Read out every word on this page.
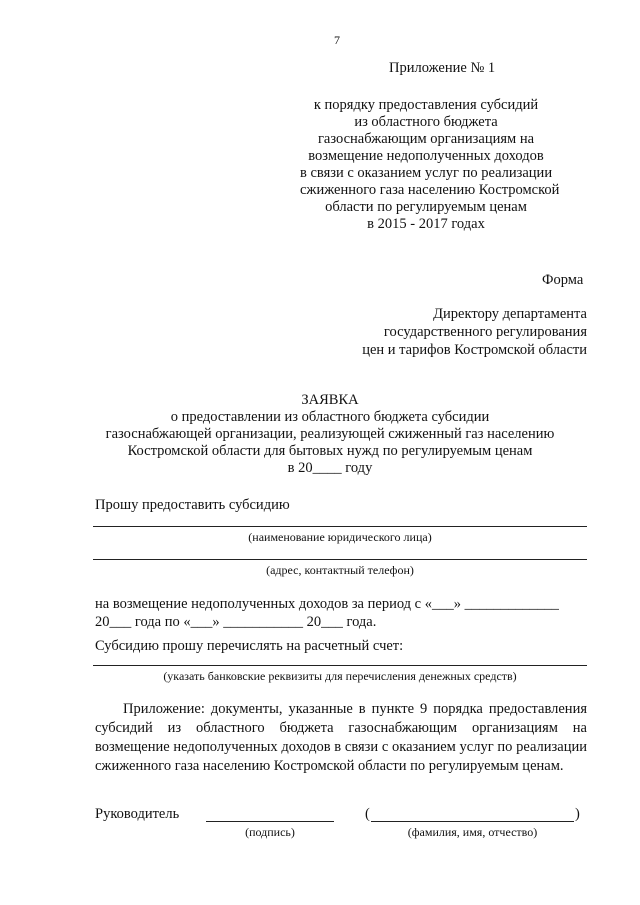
7
Приложение № 1
к порядку предоставления субсидий
из областного бюджета
газоснабжающим организациям на
возмещение недополученных доходов
в связи с оказанием услуг по реализации
сжиженного газа населению Костромской
области по регулируемым ценам
в 2015 - 2017 годах
Форма
Директору департамента
государственного регулирования
цен и тарифов Костромской области
ЗАЯВКА
о предоставлении из областного бюджета субсидии
газоснабжающей организации, реализующей сжиженный газ населению
Костромской области для бытовых нужд по регулируемым ценам
в 20____ году
Прошу предоставить субсидию
(наименование юридического лица)
(адрес, контактный телефон)
на возмещение недополученных доходов за период с «___» _____________
20___ года по «___» ___________ 20___ года.
Субсидию прошу перечислять на расчетный счет:
(указать банковские реквизиты для перечисления денежных средств)
Приложение: документы, указанные в пункте 9 порядка предоставления субсидий из областного бюджета газоснабжающим организациям на возмещение недополученных доходов в связи с оказанием услуг по реализации сжиженного газа населению Костромской области по регулируемым ценам.
Руководитель
(подпись)
(	)
(фамилия, имя, отчество)
